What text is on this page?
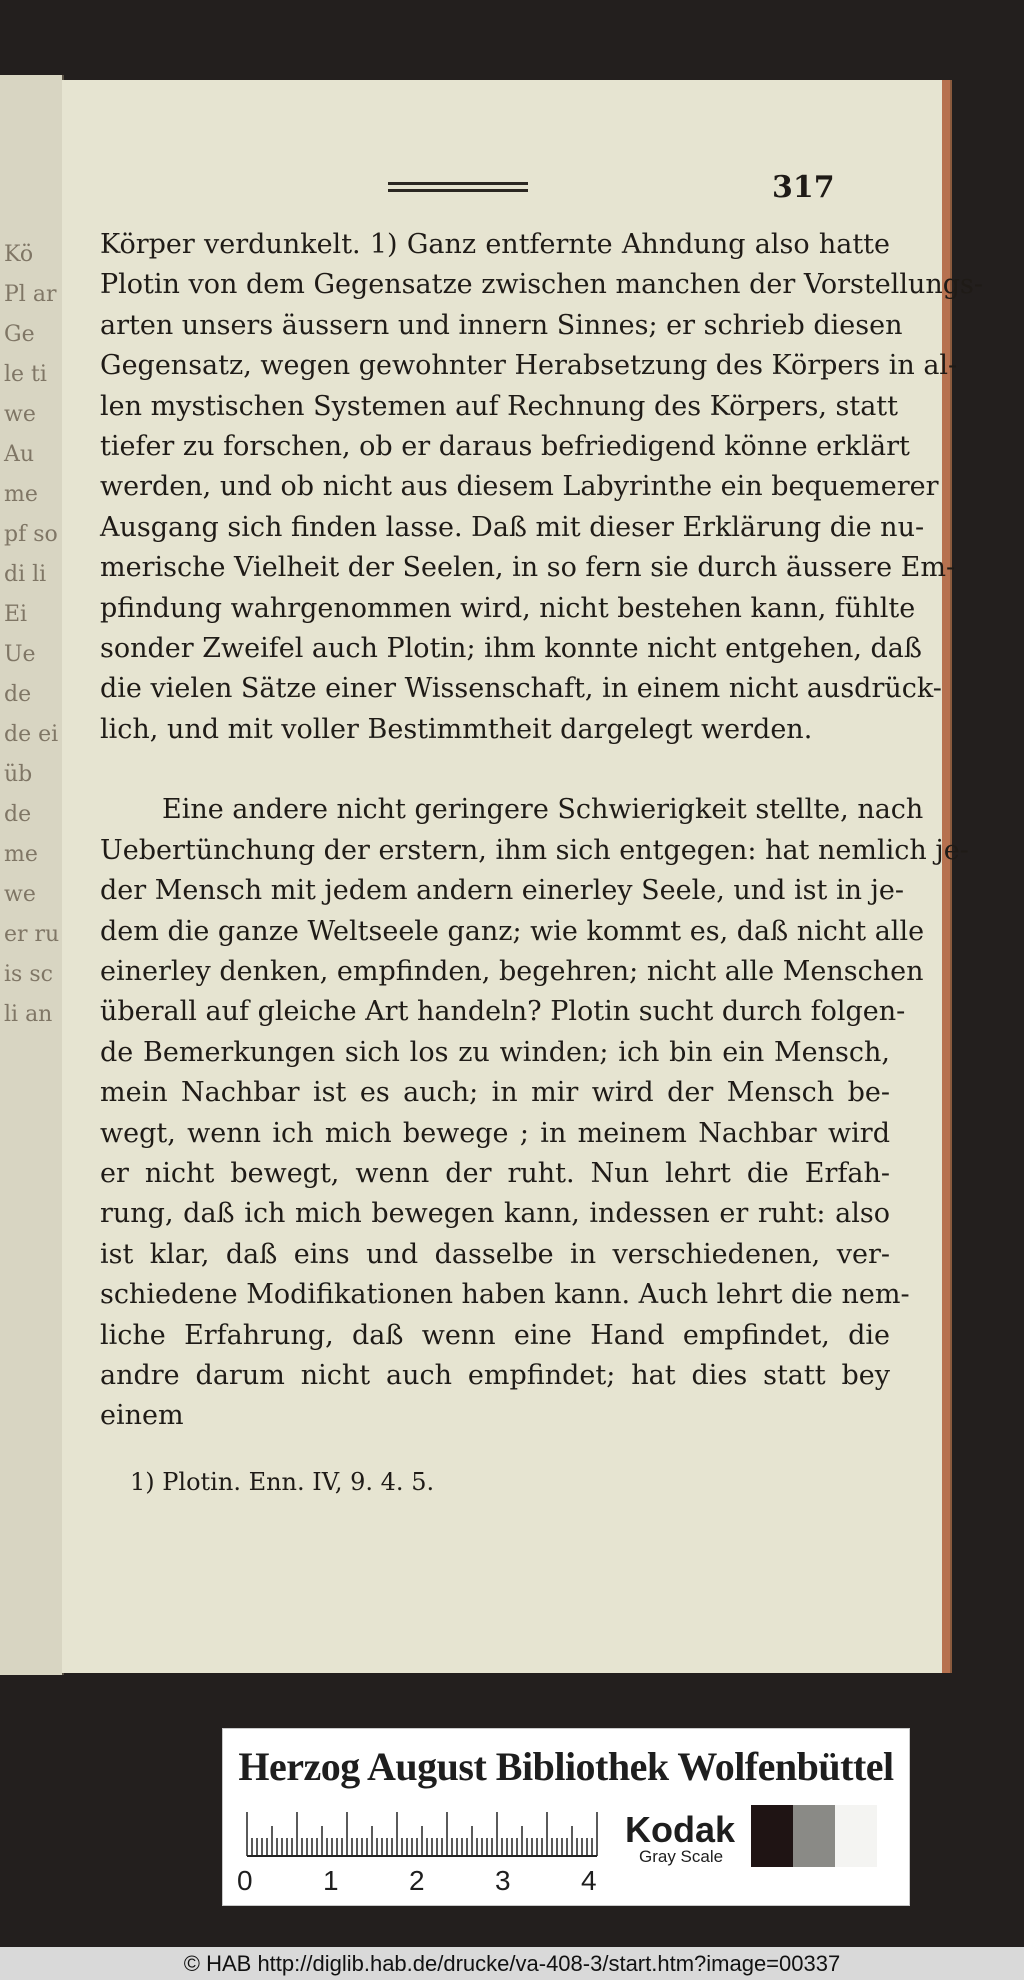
Kö Pl ar Ge le ti we Au me pf so di li Ei Ue de de ei üb de me we er ru is sc li an
317
Körper verdunkelt. 1) Ganz entfernte Ahndung also hatte
Plotin von dem Gegensatze zwischen manchen der Vorstellungs-
arten unsers äussern und innern Sinnes; er schrieb diesen
Gegensatz, wegen gewohnter Herabsetzung des Körpers in al-
len mystischen Systemen auf Rechnung des Körpers, statt
tiefer zu forschen, ob er daraus befriedigend könne erklärt
werden, und ob nicht aus diesem Labyrinthe ein bequemerer
Ausgang sich finden lasse. Daß mit dieser Erklärung die nu-
merische Vielheit der Seelen, in so fern sie durch äussere Em-
pfindung wahrgenommen wird, nicht bestehen kann, fühlte
sonder Zweifel auch Plotin; ihm konnte nicht entgehen, daß
die vielen Sätze einer Wissenschaft, in einem nicht ausdrück-
lich, und mit voller Bestimmtheit dargelegt werden.
Eine andere nicht geringere Schwierigkeit stellte, nach
Uebertünchung der erstern, ihm sich entgegen: hat nemlich je-
der Mensch mit jedem andern einerley Seele, und ist in je-
dem die ganze Weltseele ganz; wie kommt es, daß nicht alle
einerley denken, empfinden, begehren; nicht alle Menschen
überall auf gleiche Art handeln? Plotin sucht durch folgen-
de Bemerkungen sich los zu winden; ich bin ein Mensch,
mein Nachbar ist es auch; in mir wird der Mensch be-
wegt, wenn ich mich bewege ; in meinem Nachbar wird
er nicht bewegt, wenn der ruht. Nun lehrt die Erfah-
rung, daß ich mich bewegen kann, indessen er ruht: also
ist klar, daß eins und dasselbe in verschiedenen, ver-
schiedene Modifikationen haben kann. Auch lehrt die nem-
liche Erfahrung, daß wenn eine Hand empfindet, die
andre darum nicht auch empfindet; hat dies statt bey
einem
1) Plotin. Enn. IV, 9. 4. 5.
Herzog August Bibliothek Wolfenbüttel
0	1	2	3	4
Kodak
Gray Scale
© HAB http://diglib.hab.de/drucke/va-408-3/start.htm?image=00337
